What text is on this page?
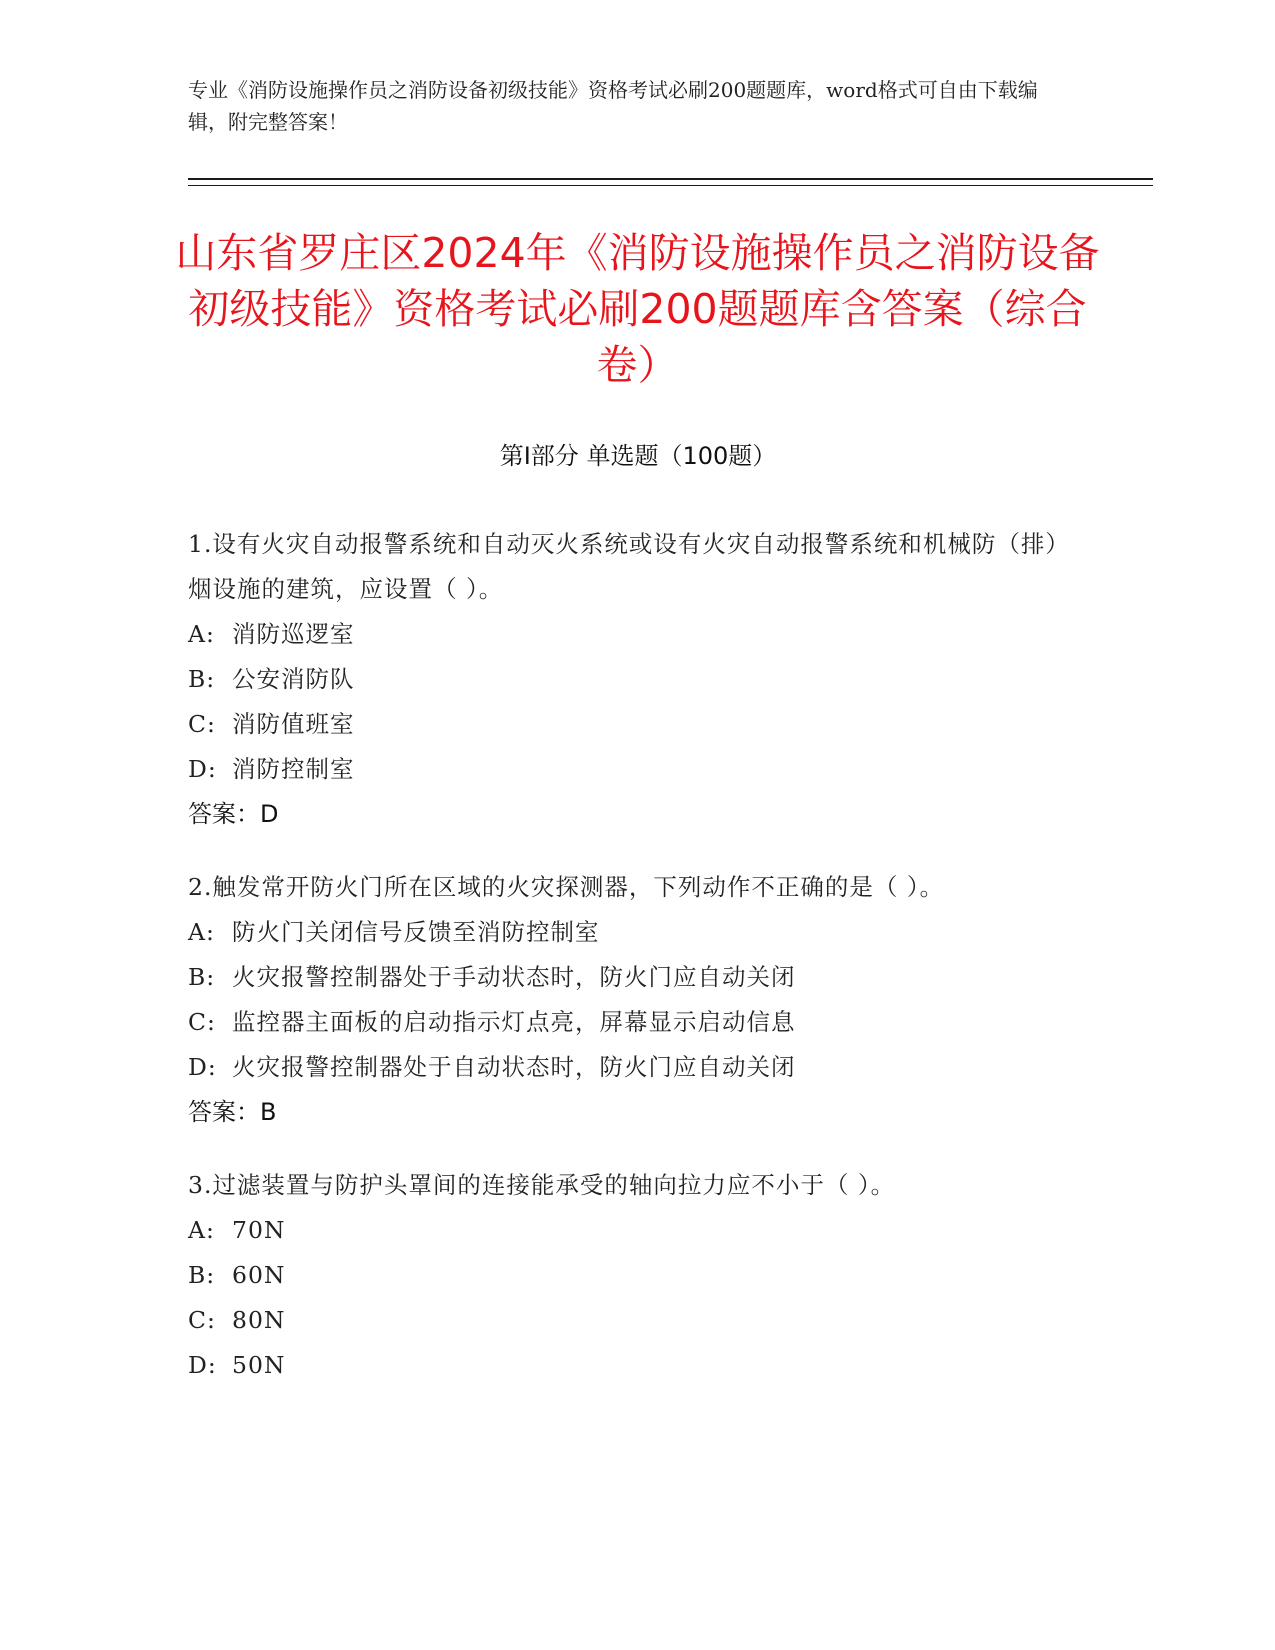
专业《消防设施操作员之消防设备初级技能》资格考试必刷200题题库，word格式可自由下载编辑，附完整答案！
山东省罗庄区2024年《消防设施操作员之消防设备初级技能》资格考试必刷200题题库含答案（综合卷）
第I部分 单选题（100题）
1.设有火灾自动报警系统和自动灭火系统或设有火灾自动报警系统和机械防（排）烟设施的建筑，应设置（ ）。
A: 消防巡逻室
B: 公安消防队
C: 消防值班室
D: 消防控制室
答案：D
2.触发常开防火门所在区域的火灾探测器，下列动作不正确的是（ ）。
A: 防火门关闭信号反馈至消防控制室
B: 火灾报警控制器处于手动状态时，防火门应自动关闭
C: 监控器主面板的启动指示灯点亮，屏幕显示启动信息
D: 火灾报警控制器处于自动状态时，防火门应自动关闭
答案：B
3.过滤装置与防护头罩间的连接能承受的轴向拉力应不小于（ ）。
A: 70N
B: 60N
C: 80N
D: 50N
